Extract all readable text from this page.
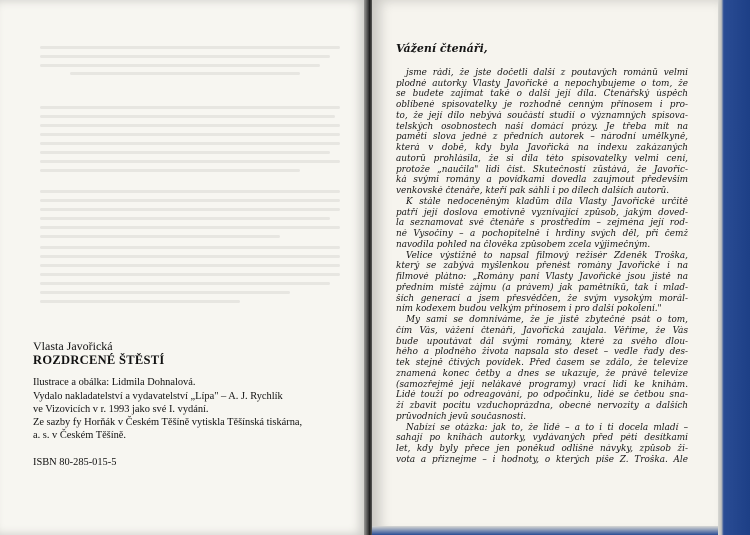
Vlasta Javořická
ROZDRCENÉ ŠTĚSTÍ
Ilustrace a obálka: Lidmila Dohnalová.
Vydalo nakladatelství a vydavatelství „Lípa" – A. J. Rychlík
ve Vizovicích v r. 1993 jako své I. vydání.
Ze sazby fy Horňák v Českém Těšíně vytiskla Těšínská tiskárna,
a. s. v Českém Těšíně.
ISBN 80-285-015-5
Vážení čtenáři,
jsme rádi, že jste dočetli další z poutavých románů velmi
plodné autorky Vlasty Javořické a nepochybujeme o tom, že
se budete zajímat také o další její díla. Čtenářský úspěch
oblíbené spisovatelky je rozhodně cenným přínosem i pro-
to, že její dílo nebývá součástí studií o významných spisova-
telských osobnostech naší domácí prózy. Je třeba mít na
paměti slova jedné z předních autorek – národní umělkyně,
která v době, kdy byla Javořická na indexu zakázaných
autorů prohlásila, že si díla této spisovatelky velmi cení,
protože „naučila" lidi číst. Skutečností zůstává, že Javořic-
ká svými romány a povídkami dovedla zaujmout především
venkovské čtenáře, kteří pak sáhli i po dílech dalších autorů.
K stále nedoceněným kladům díla Vlasty Javořické určitě
patří její doslova emotivně vyznívající způsob, jakým doved-
la seznamovat své čtenáře s prostředím – zejména její rod-
né Vysočiny – a pochopitelně i hrdiny svých děl, při čemž
navodila pohled na člověka způsobem zcela výjimečným.
Velice výstižně to napsal filmový režisér Zdeněk Troška,
který se zabývá myšlenkou přenést romány Javořické i na
filmové plátno: „Romány paní Vlasty Javořické jsou jistě na
předním místě zájmu (a právem) jak pamětníků, tak i mlad-
ších generací a jsem přesvědčen, že svým vysokým morál-
ním kodexem budou velkým přínosem i pro další pokolení."
My sami se domníváme, že je jistě zbytečné psát o tom,
čím Vás, vážení čtenáři, Javořická zaujala. Věříme, že Vás
bude upoutávat dál svými romány, které za svého dlou-
hého a plodného života napsala sto deset – vedle řady des-
tek stejně čtivých povídek. Před časem se zdálo, že televize
znamená konec četby a dnes se ukazuje, že právě televize
(samozřejmě její nelákavé programy) vrací lidi ke knihám.
Lidé touží po odreagování, po odpočinku, lidé se četbou sna-
ží zbavit pocitu vzduchoprázdna, obecné nervozity a dalších
průvodních jevů současnosti.
Nabízí se otázka: jak to, že lidé – a to i ti docela mladí –
sahají po knihách autorky, vydávaných před péti desítkami
let, kdy byly přece jen poněkud odlišné návyky, způsob ži-
vota a přiznejme – i hodnoty, o kterých píše Z. Troška. Ale
